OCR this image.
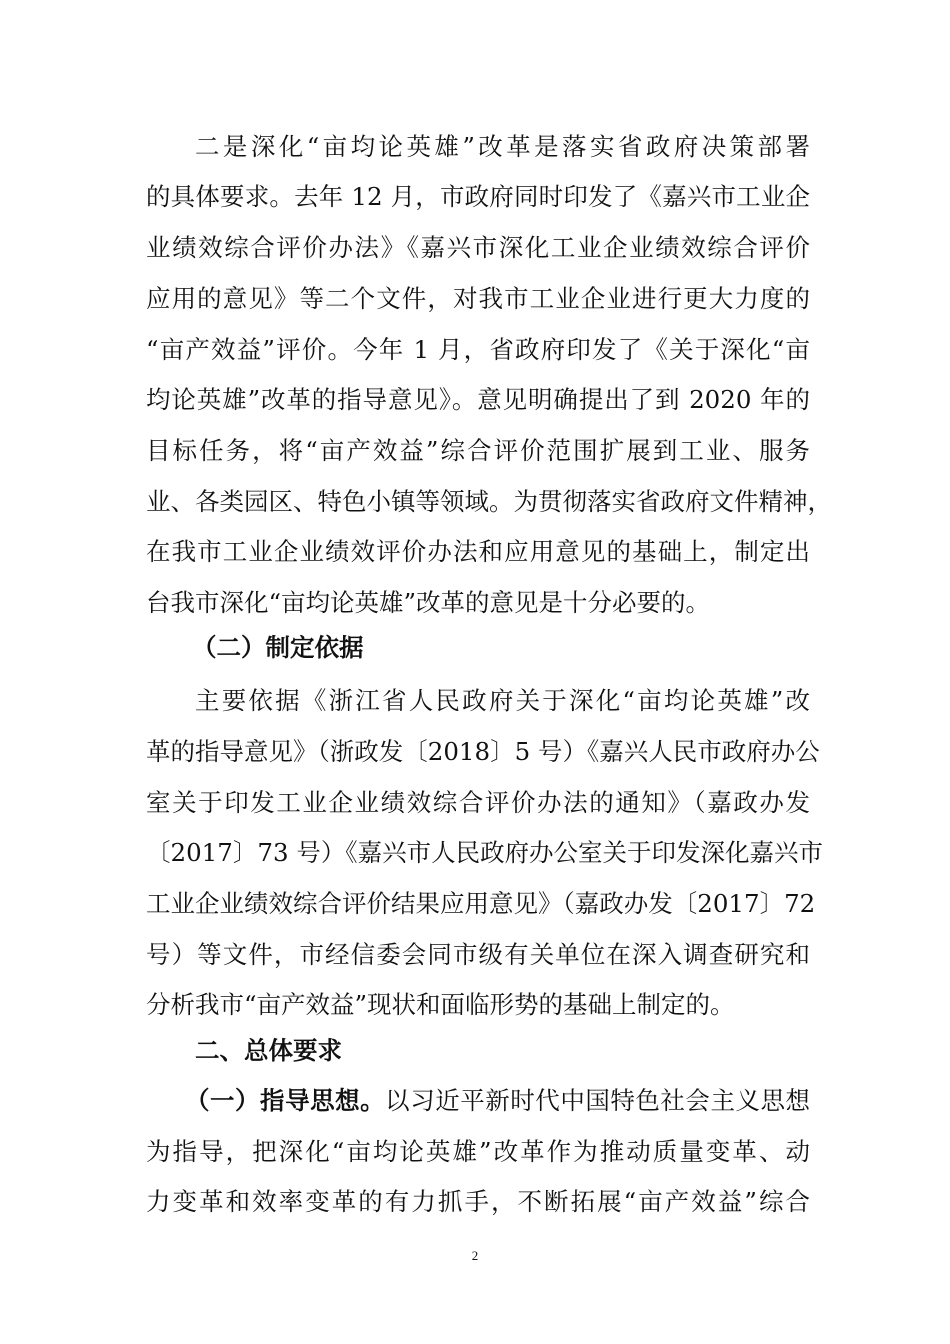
二是深化“亩均论英雄”改革是落实省政府决策部署
的具体要求。去年 12 月，市政府同时印发了《嘉兴市工业企
业绩效综合评价办法》《嘉兴市深化工业企业绩效综合评价
应用的意见》等二个文件，对我市工业企业进行更大力度的
“亩产效益”评价。今年 1 月，省政府印发了《关于深化“亩
均论英雄”改革的指导意见》。意见明确提出了到 2020 年的
目标任务，将“亩产效益”综合评价范围扩展到工业、服务
业、各类园区、特色小镇等领域。为贯彻落实省政府文件精神，
在我市工业企业绩效评价办法和应用意见的基础上，制定出
台我市深化“亩均论英雄”改革的意见是十分必要的。
（二）制定依据
主要依据《浙江省人民政府关于深化“亩均论英雄”改
革的指导意见》（浙政发〔2018〕5 号）《嘉兴人民市政府办公
室关于印发工业企业绩效综合评价办法的通知》（嘉政办发
〔2017〕73 号）《嘉兴市人民政府办公室关于印发深化嘉兴市
工业企业绩效综合评价结果应用意见》（嘉政办发〔2017〕72
号）等文件，市经信委会同市级有关单位在深入调查研究和
分析我市“亩产效益”现状和面临形势的基础上制定的。
二、总体要求
（一）指导思想。以习近平新时代中国特色社会主义思想
为指导，把深化“亩均论英雄”改革作为推动质量变革、动
力变革和效率变革的有力抓手，不断拓展“亩产效益”综合
2
